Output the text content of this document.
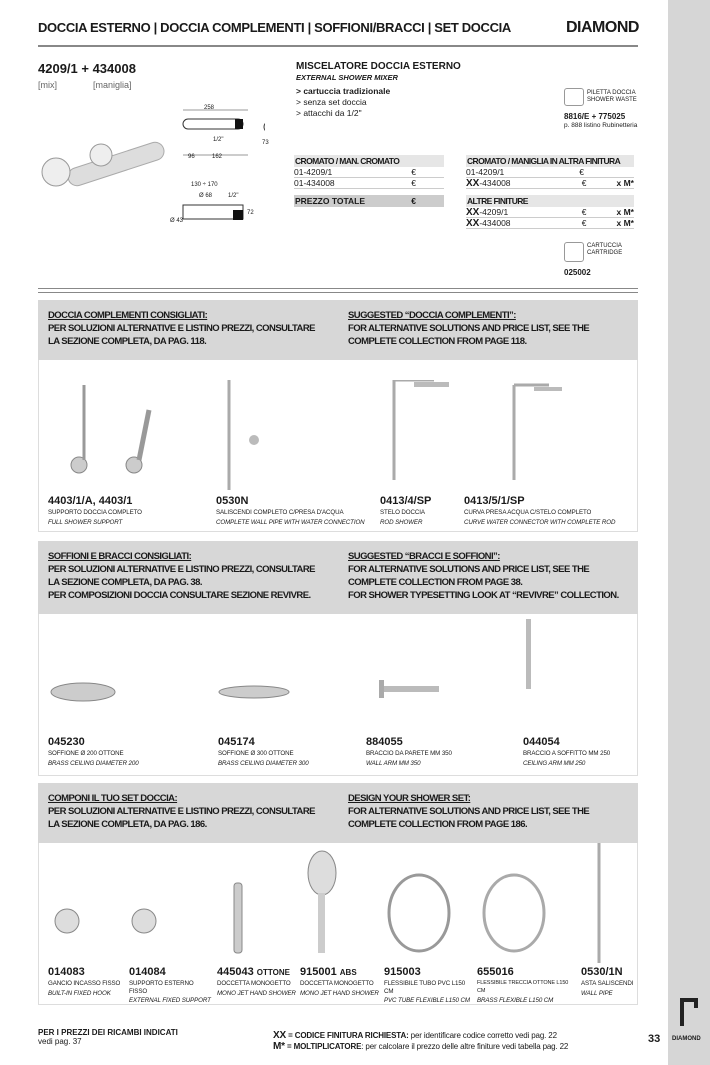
DOCCIA ESTERNO | DOCCIA COMPLEMENTI | SOFFIONI/BRACCI | SET DOCCIA	DIAMOND
4209/1 + 434008
[mix]	[maniglia]
258
1/2"
96	162
73
130 ÷ 170
Ø 68	1/2"
72
Ø 43
MISCELATORE DOCCIA ESTERNO
EXTERNAL SHOWER MIXER
> cartuccia tradizionale
> senza set doccia
> attacchi da 1/2"
PILETTA DOCCIA
SHOWER WASTE
8816/E + 775025
p. 888 listino Rubinetteria
CROMATO / MAN. CROMATO
01-4209/1	€
01-434008	€
PREZZO TOTALE	€
CROMATO / MANIGLIA IN ALTRA FINITURA
01-4209/1	€
XX-434008	€	x M*
ALTRE FINITURE
XX-4209/1	€	x M*
XX-434008	€	x M*
CARTUCCIA
CARTRIDGE
025002
DOCCIA COMPLEMENTI CONSIGLIATI:
PER SOLUZIONI ALTERNATIVE E LISTINO PREZZI, CONSULTARE
LA SEZIONE COMPLETA, DA PAG. 118.
SUGGESTED “DOCCIA COMPLEMENTI”:
FOR ALTERNATIVE SOLUTIONS AND PRICE LIST, SEE THE
COMPLETE COLLECTION FROM PAGE 118.
4403/1/A, 4403/1
SUPPORTO DOCCIA COMPLETO
FULL SHOWER SUPPORT
0530N
SALISCENDI COMPLETO C/PRESA D'ACQUA
COMPLETE WALL PIPE WITH WATER CONNECTION
0413/4/SP
STELO DOCCIA
ROD SHOWER
0413/5/1/SP
CURVA PRESA ACQUA C/STELO COMPLETO
CURVE WATER CONNECTOR WITH COMPLETE ROD
SOFFIONI E BRACCI CONSIGLIATI:
PER SOLUZIONI ALTERNATIVE E LISTINO PREZZI, CONSULTARE
LA SEZIONE COMPLETA, DA PAG. 38.
PER COMPOSIZIONI DOCCIA CONSULTARE SEZIONE REVIVRE.
SUGGESTED “BRACCI E SOFFIONI”:
FOR ALTERNATIVE SOLUTIONS AND PRICE LIST, SEE THE
COMPLETE COLLECTION FROM PAGE 38.
FOR SHOWER TYPESETTING LOOK AT “REVIVRE” COLLECTION.
045230
SOFFIONE Ø 200 OTTONE
BRASS CEILING DIAMETER 200
045174
SOFFIONE Ø 300 OTTONE
BRASS CEILING DIAMETER 300
884055
BRACCIO DA PARETE MM 350
WALL ARM MM 350
044054
BRACCIO A SOFFITTO MM 250
CEILING ARM MM 250
COMPONI IL TUO SET DOCCIA:
PER SOLUZIONI ALTERNATIVE E LISTINO PREZZI, CONSULTARE
LA SEZIONE COMPLETA, DA PAG. 186.
DESIGN YOUR SHOWER SET:
FOR ALTERNATIVE SOLUTIONS AND PRICE LIST, SEE THE
COMPLETE COLLECTION FROM PAGE 186.
014083
GANCIO INCASSO FISSO
BUILT-IN FIXED HOOK
014084
SUPPORTO ESTERNO FISSO
EXTERNAL FIXED SUPPORT
445043 OTTONE
DOCCETTA MONOGETTO
MONO JET HAND SHOWER
915001 ABS
DOCCETTA MONOGETTO
MONO JET HAND SHOWER
915003
FLESSIBILE TUBO PVC L150 CM
PVC TUBE FLEXIBLE L150 CM
655016
FLESSIBILE TRECCIA OTTONE L150 CM
BRASS FLEXIBLE L150 CM
0530/1N
ASTA SALISCENDI
WALL PIPE
PER I PREZZI DEI RICAMBI INDICATI
vedi pag. 37
XX = CODICE FINITURA RICHIESTA: per identificare codice corretto vedi pag. 22
M* = MOLTIPLICATORE: per calcolare il prezzo delle altre finiture vedi tabella pag. 22
33 DIAMOND
